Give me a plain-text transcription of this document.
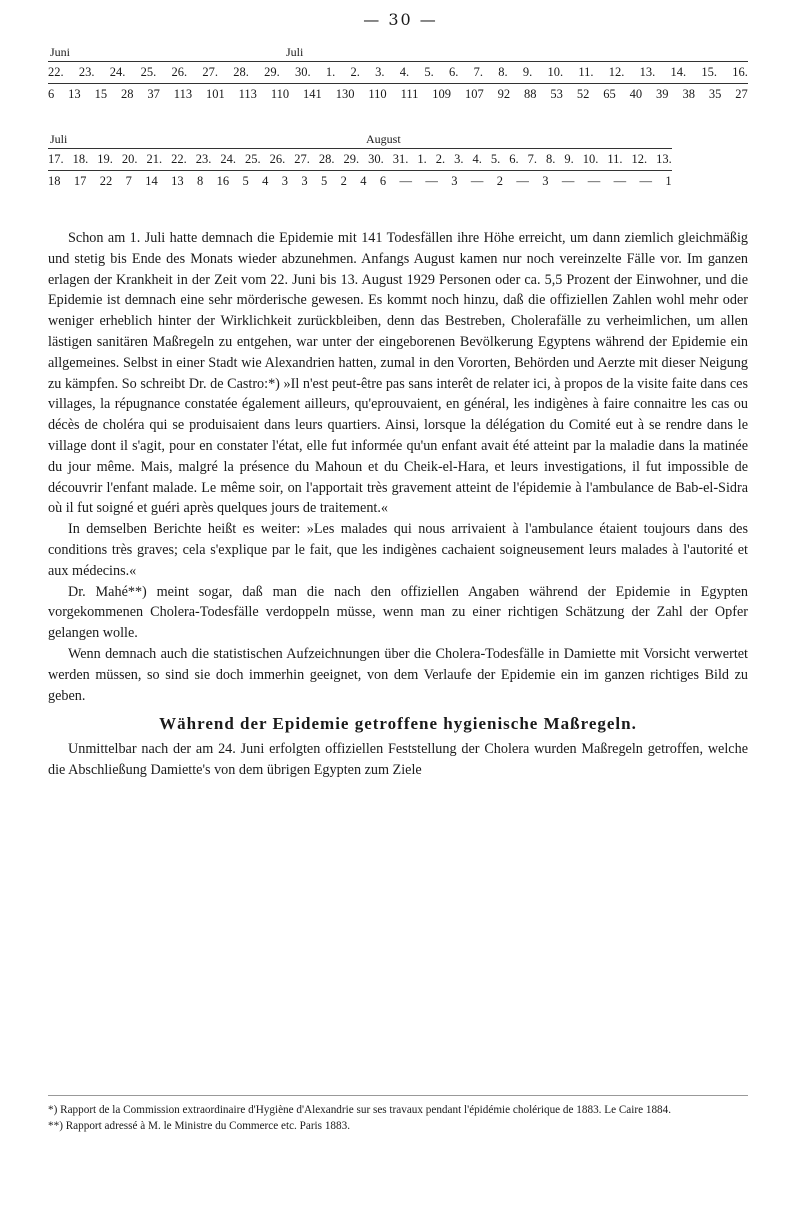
— 30 —
Juni	Juli
22. 23. 24. 25. 26. 27. 28. 29. 30. 1. 2. 3. 4. 5. 6. 7. 8. 9. 10. 11. 12. 13. 14. 15. 16.
6 13 15 28 37 113 101 113 110 141 130 110 111 109 107 92 88 53 52 65 40 39 38 35 27
Juli	August
17. 18. 19. 20. 21. 22. 23. 24. 25. 26. 27. 28. 29. 30. 31. 1. 2. 3. 4. 5. 6. 7. 8. 9. 10. 11. 12. 13.
18 17 22 7 14 13 8 16 5 4 3 3 5 2 4 6 — — 3 — 2 — 3 — — — — 1

Schon am 1. Juli hatte demnach die Epidemie mit 141 Todesfällen ihre Höhe erreicht, um dann ziemlich gleichmäßig und stetig bis Ende des Monats wieder abzunehmen. Anfangs August kamen nur noch vereinzelte Fälle vor. Im ganzen erlagen der Krankheit in der Zeit vom 22. Juni bis 13. August 1929 Personen oder ca. 5,5 Prozent der Einwohner, und die Epidemie ist demnach eine sehr mörderische gewesen. Es kommt noch hinzu, daß die offiziellen Zahlen wohl mehr oder weniger erheblich hinter der Wirklichkeit zurückbleiben, denn das Bestreben, Cholerafälle zu verheimlichen, um allen lästigen sanitären Maßregeln zu entgehen, war unter der eingeborenen Bevölkerung Egyptens während der Epidemie ein allgemeines. Selbst in einer Stadt wie Alexandrien hatten, zumal in den Vororten, Behörden und Aerzte mit dieser Neigung zu kämpfen. So schreibt Dr. de Castro:*) »Il n'est peut-être pas sans interêt de relater ici, à propos de la visite faite dans ces villages, la répugnance constatée également ailleurs, qu'eprouvaient, en général, les indigènes à faire connaitre les cas ou décès de choléra qui se produisaient dans leurs quartiers. Ainsi, lorsque la délégation du Comité eut à se rendre dans le village dont il s'agit, pour en constater l'état, elle fut informée qu'un enfant avait été atteint par la maladie dans la matinée du jour même. Mais, malgré la présence du Mahoun et du Cheik-el-Hara, et leurs investigations, il fut impossible de découvrir l'enfant malade. Le même soir, on l'apportait très gravement atteint de l'épidemie à l'ambulance de Bab-el-Sidra où il fut soigné et guéri après quelques jours de traitement.«

In demselben Berichte heißt es weiter: »Les malades qui nous arrivaient à l'ambulance étaient toujours dans des conditions très graves; cela s'explique par le fait, que les indigènes cachaient soigneusement leurs malades à l'autorité et aux médecins.«

Dr. Mahé**) meint sogar, daß man die nach den offiziellen Angaben während der Epidemie in Egypten vorgekommenen Cholera-Todesfälle verdoppeln müsse, wenn man zu einer richtigen Schätzung der Zahl der Opfer gelangen wolle.

Wenn demnach auch die statistischen Aufzeichnungen über die Cholera-Todesfälle in Damiette mit Vorsicht verwertet werden müssen, so sind sie doch immerhin geeignet, von dem Verlaufe der Epidemie ein im ganzen richtiges Bild zu geben.

Während der Epidemie getroffene hygienische Maßregeln.

Unmittelbar nach der am 24. Juni erfolgten offiziellen Feststellung der Cholera wurden Maßregeln getroffen, welche die Abschließung Damiette's von dem übrigen Egypten zum Ziele

*) Rapport de la Commission extraordinaire d'Hygiène d'Alexandrie sur ses travaux pendant l'épidémie cholérique de 1883. Le Caire 1884.

**) Rapport adressé à M. le Ministre du Commerce etc. Paris 1883.
